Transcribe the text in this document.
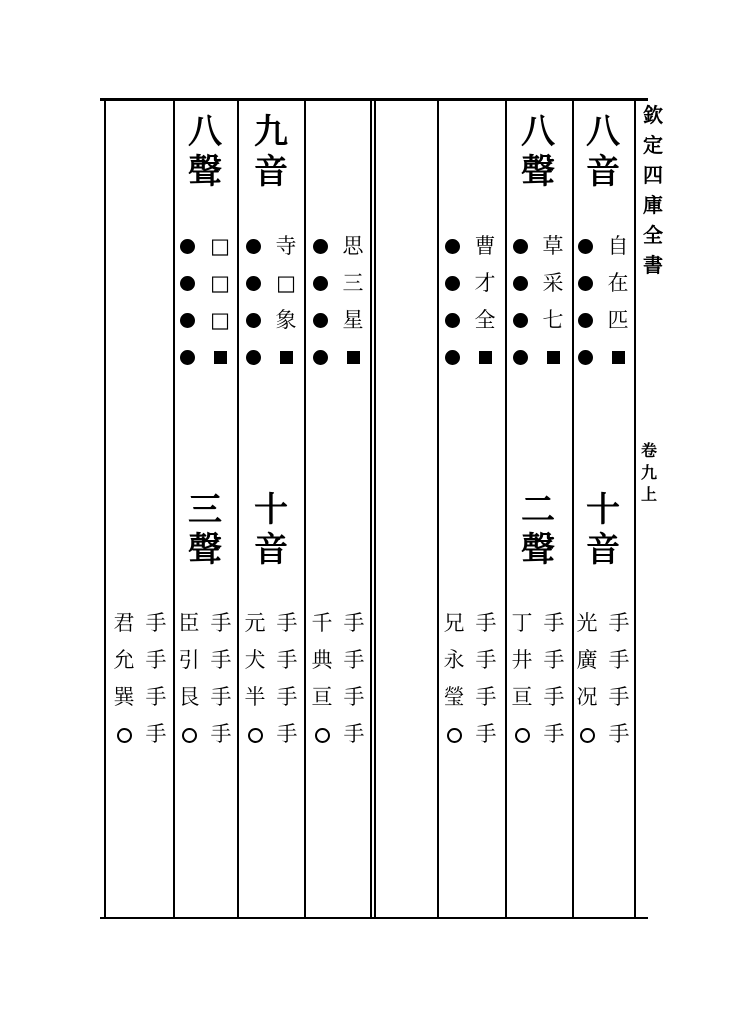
欽定四庫全書
卷九上
八
音
自
在
匹
十
音
手
手
手
手
光
廣
况
八
聲
草
采
七
二
聲
手
手
手
手
丁
井
亘
曹
才
全
手
手
手
手
兄
永
瑩
思
三
星
手
手
手
手
千
典
亘
九
音
寺
□
象
十
音
手
手
手
手
元
犬
半
八
聲
□
□
□
三
聲
手
手
手
手
臣
引
艮
手
手
手
手
君
允
巽
